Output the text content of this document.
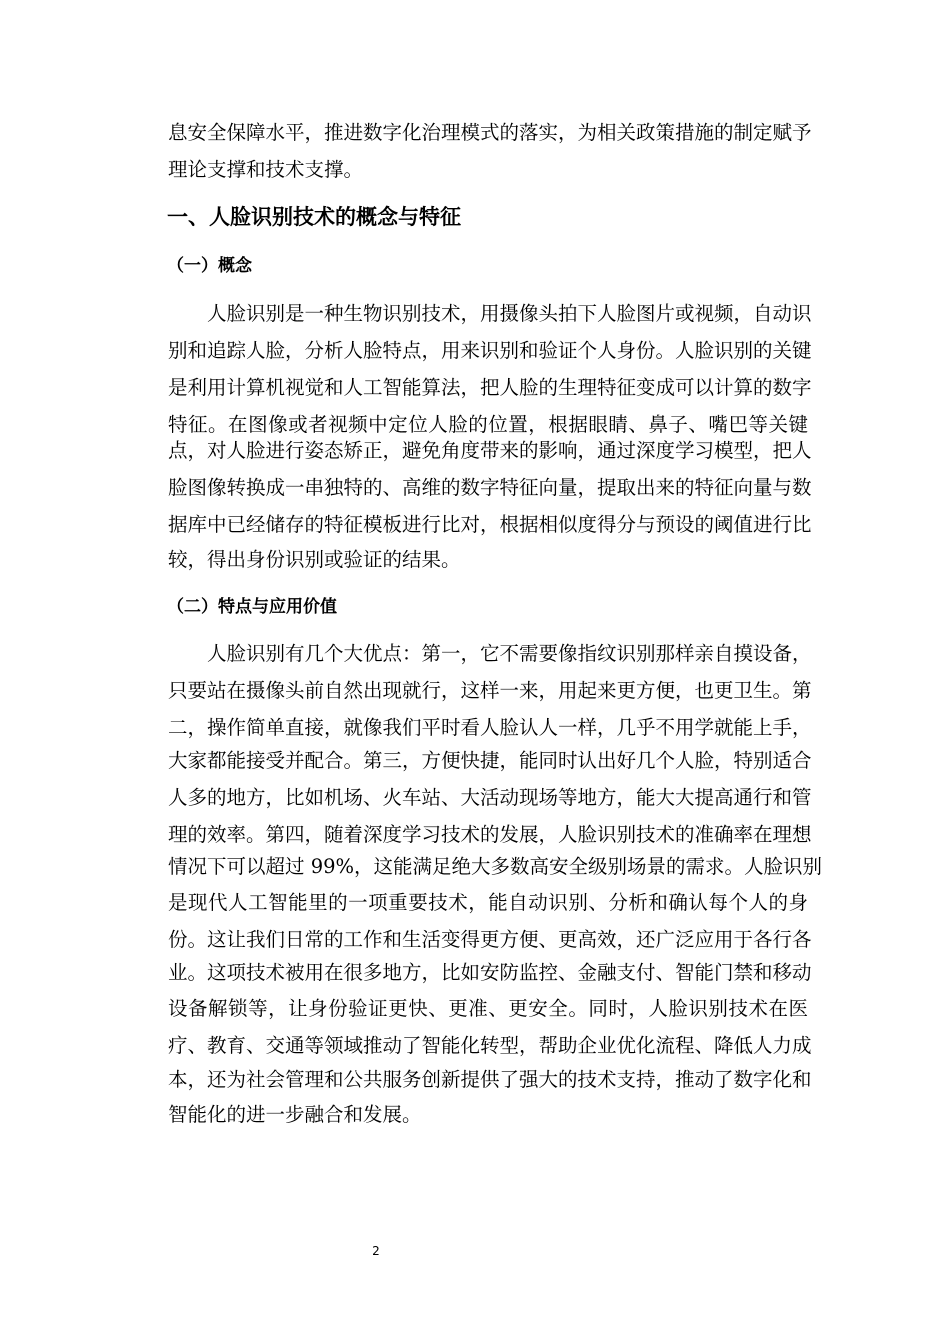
息安全保障水平，推进数字化治理模式的落实，为相关政策措施的制定赋予
理论支撑和技术支撑。
一、人脸识别技术的概念与特征
（一）概念
人脸识别是一种生物识别技术，用摄像头拍下人脸图片或视频，自动识
别和追踪人脸，分析人脸特点，用来识别和验证个人身份。人脸识别的关键
是利用计算机视觉和人工智能算法，把人脸的生理特征变成可以计算的数字
特征。在图像或者视频中定位人脸的位置，根据眼睛、鼻子、嘴巴等关键
点，对人脸进行姿态矫正，避免角度带来的影响，通过深度学习模型，把人
脸图像转换成一串独特的、高维的数字特征向量，提取出来的特征向量与数
据库中已经储存的特征模板进行比对，根据相似度得分与预设的阈值进行比
较，得出身份识别或验证的结果。
（二）特点与应用价值
人脸识别有几个大优点：第一，它不需要像指纹识别那样亲自摸设备，
只要站在摄像头前自然出现就行，这样一来，用起来更方便，也更卫生。第
二，操作简单直接，就像我们平时看人脸认人一样，几乎不用学就能上手，
大家都能接受并配合。第三，方便快捷，能同时认出好几个人脸，特别适合
人多的地方，比如机场、火车站、大活动现场等地方，能大大提高通行和管
理的效率。第四，随着深度学习技术的发展，人脸识别技术的准确率在理想
情况下可以超过 99%，这能满足绝大多数高安全级别场景的需求。人脸识别
是现代人工智能里的一项重要技术，能自动识别、分析和确认每个人的身
份。这让我们日常的工作和生活变得更方便、更高效，还广泛应用于各行各
业。这项技术被用在很多地方，比如安防监控、金融支付、智能门禁和移动
设备解锁等，让身份验证更快、更准、更安全。同时，人脸识别技术在医
疗、教育、交通等领域推动了智能化转型，帮助企业优化流程、降低人力成
本，还为社会管理和公共服务创新提供了强大的技术支持，推动了数字化和
智能化的进一步融合和发展。
2
